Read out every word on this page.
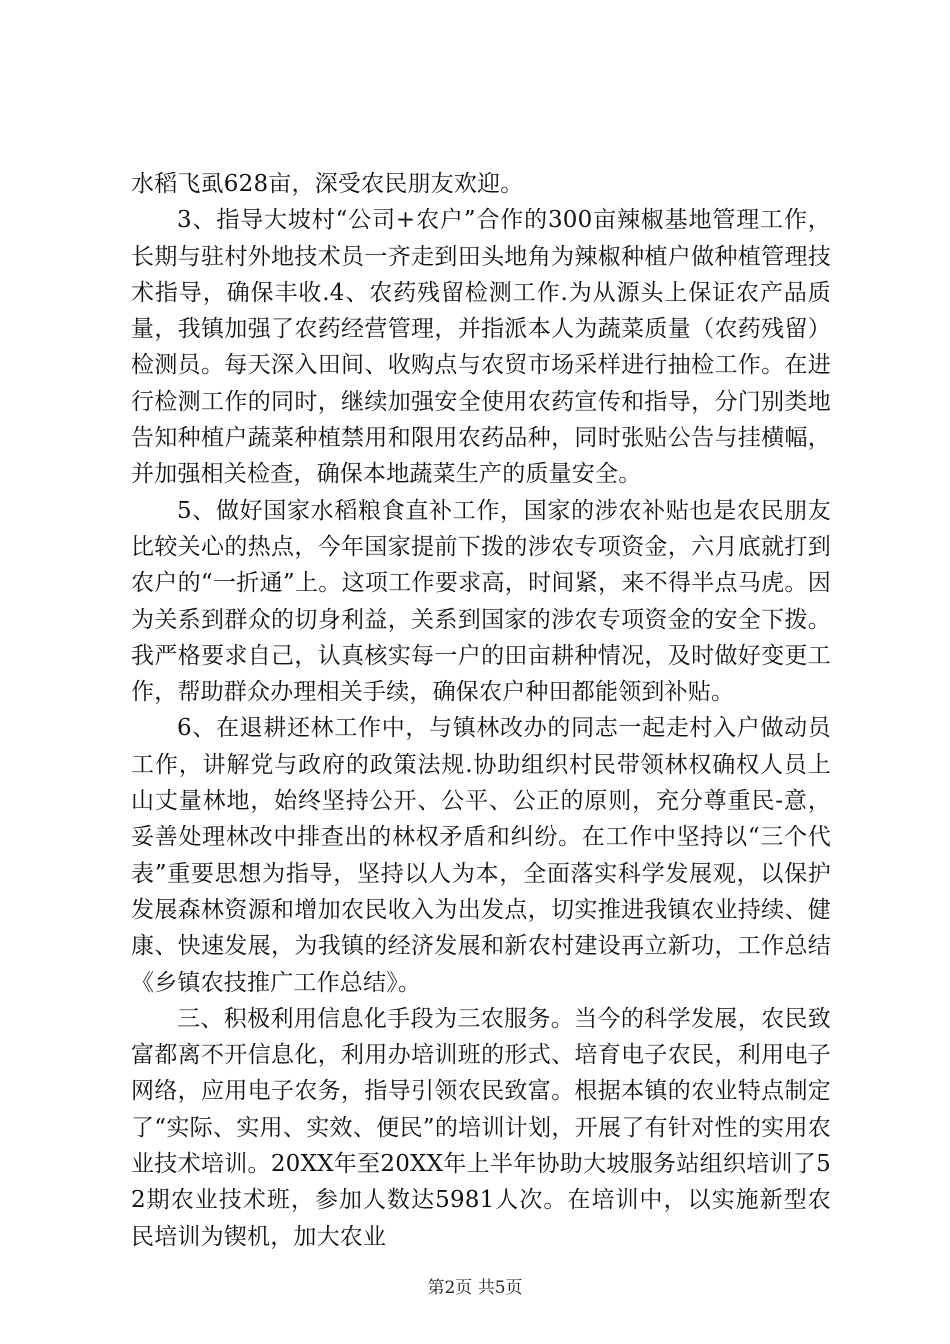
水稻飞虱628亩，深受农民朋友欢迎。

3、指导大坡村“公司+农户”合作的300亩辣椒基地管理工作，长期与驻村外地技术员一齐走到田头地角为辣椒种植户做种植管理技术指导，确保丰收.4、农药残留检测工作.为从源头上保证农产品质量，我镇加强了农药经营管理，并指派本人为蔬菜质量（农药残留）检测员。每天深入田间、收购点与农贸市场采样进行抽检工作。在进行检测工作的同时，继续加强安全使用农药宣传和指导，分门别类地告知种植户蔬菜种植禁用和限用农药品种，同时张贴公告与挂横幅，并加强相关检查，确保本地蔬菜生产的质量安全。

5、做好国家水稻粮食直补工作，国家的涉农补贴也是农民朋友比较关心的热点，今年国家提前下拨的涉农专项资金，六月底就打到农户的“一折通”上。这项工作要求高，时间紧，来不得半点马虎。因为关系到群众的切身利益，关系到国家的涉农专项资金的安全下拨。我严格要求自己，认真核实每一户的田亩耕种情况，及时做好变更工作，帮助群众办理相关手续，确保农户种田都能领到补贴。

6、在退耕还林工作中，与镇林改办的同志一起走村入户做动员工作，讲解党与政府的政策法规.协助组织村民带领林权确权人员上山丈量林地，始终坚持公开、公平、公正的原则，充分尊重民-意，妥善处理林改中排查出的林权矛盾和纠纷。在工作中坚持以“三个代表”重要思想为指导，坚持以人为本，全面落实科学发展观，以保护发展森林资源和增加农民收入为出发点，切实推进我镇农业持续、健康、快速发展，为我镇的经济发展和新农村建设再立新功，工作总结《乡镇农技推广工作总结》。

三、积极利用信息化手段为三农服务。当今的科学发展，农民致富都离不开信息化，利用办培训班的形式、培育电子农民，利用电子网络，应用电子农务，指导引领农民致富。根据本镇的农业特点制定了“实际、实用、实效、便民”的培训计划，开展了有针对性的实用农业技术培训。20XX年至20XX年上半年协助大坡服务站组织培训了52期农业技术班，参加人数达5981人次。在培训中，以实施新型农民培训为锲机，加大农业

第2页 共5页
